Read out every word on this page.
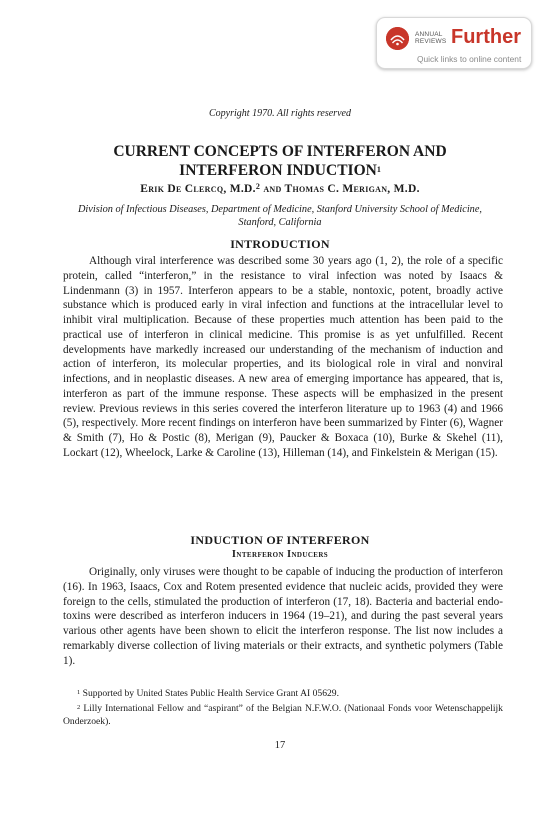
ANNUAL REVIEWS Further
Quick links to online content
Copyright 1970. All rights reserved
CURRENT CONCEPTS OF INTERFERON AND INTERFERON INDUCTION$^1$
Erik De Clercq, M.D.$^2$ and Thomas C. Merigan, M.D.
Division of Infectious Diseases, Department of Medicine, Stanford University School of Medicine, Stanford, California
INTRODUCTION
Although viral interference was described some 30 years ago (1, 2), the role of a specific protein, called “interferon,” in the resistance to viral infection was noted by Isaacs & Lindenmann (3) in 1957. Interferon appears to be a stable, nontoxic, potent, broadly active substance which is produced early in viral infection and functions at the intracellular level to inhibit viral multiplication. Because of these properties much attention has been paid to the practical use of interferon in clinical medicine. This promise is as yet unfulfilled. Recent developments have markedly increased our understanding of the mechanism of induction and action of interferon, its molecular properties, and its biological role in viral and nonviral infections, and in neoplastic diseases. A new area of emerging importance has appeared, that is, interferon as part of the immune response. These aspects will be emphasized in the present review. Previous reviews in this series covered the interferon literature up to 1963 (4) and 1966 (5), respectively. More recent findings on interferon have been summarized by Finter (6), Wagner & Smith (7), Ho & Postic (8), Merigan (9), Paucker & Boxaca (10), Burke & Skehel (11), Lockart (12), Wheelock, Larke & Caroline (13), Hilleman (14), and Finkelstein & Merigan (15).
INDUCTION OF INTERFERON
Interferon Inducers
Originally, only viruses were thought to be capable of inducing the production of interferon (16). In 1963, Isaacs, Cox and Rotem presented evidence that nucleic acids, provided they were foreign to the cells, stimulated the production of interferon (17, 18). Bacteria and bacterial endotoxins were described as interferon inducers in 1964 (19–21), and during the past several years various other agents have been shown to elicit the interferon response. The list now includes a remarkably diverse collection of living materials or their extracts, and synthetic polymers (Table 1).
$^1$ Supported by United States Public Health Service Grant AI 05629.
$^2$ Lilly International Fellow and “aspirant” of the Belgian N.F.W.O. (Nationaal Fonds voor Wetenschappelijk Onderzoek).
17
